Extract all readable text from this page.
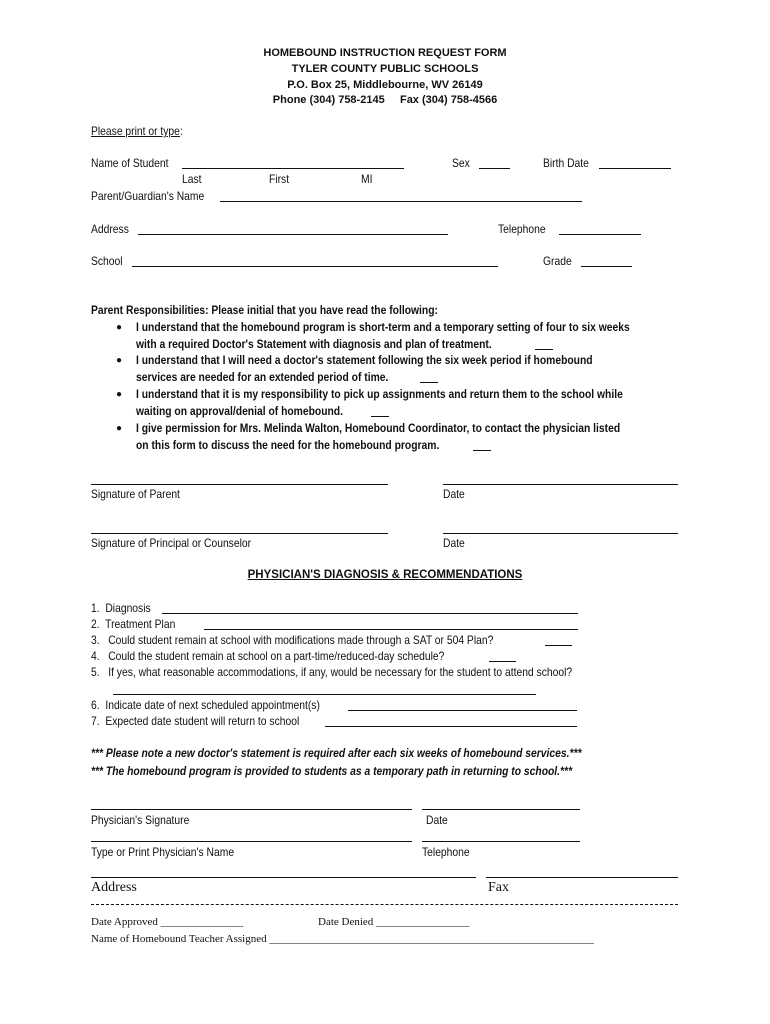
HOMEBOUND INSTRUCTION REQUEST FORM
TYLER COUNTY PUBLIC SCHOOLS
P.O. Box 25, Middlebourne, WV 26149
Phone (304) 758-2145     Fax (304) 758-4566
Please print or type:
Name of Student	Sex	Birth Date
Last	First	MI
Parent/Guardian's Name
Address	Telephone
School	Grade
Parent Responsibilities: Please initial that you have read the following:
● I understand that the homebound program is short-term and a temporary setting of four to six weeks
with a required Doctor's Statement with diagnosis and plan of treatment.
● I understand that I will need a doctor's statement following the six week period if homebound
services are needed for an extended period of time.
● I understand that it is my responsibility to pick up assignments and return them to the school while
waiting on approval/denial of homebound.
● I give permission for Mrs. Melinda Walton, Homebound Coordinator, to contact the physician listed
on this form to discuss the need for the homebound program.
Signature of Parent	Date
Signature of Principal or Counselor	Date
PHYSICIAN'S DIAGNOSIS & RECOMMENDATIONS
1.  Diagnosis
2.  Treatment Plan
3.   Could student remain at school with modifications made through a SAT or 504 Plan?
4.   Could the student remain at school on a part-time/reduced-day schedule?
5.   If yes, what reasonable accommodations, if any, would be necessary for the student to attend school?
6.  Indicate date of next scheduled appointment(s)
7.  Expected date student will return to school
*** Please note a new doctor's statement is required after each six weeks of homebound services.***
*** The homebound program is provided to students as a temporary path in returning to school.***
Physician's Signature	Date
Type or Print Physician's Name	Telephone
Address	Fax
Date Approved _______________	Date Denied _________________
Name of Homebound Teacher Assigned ___________________________________________________________
